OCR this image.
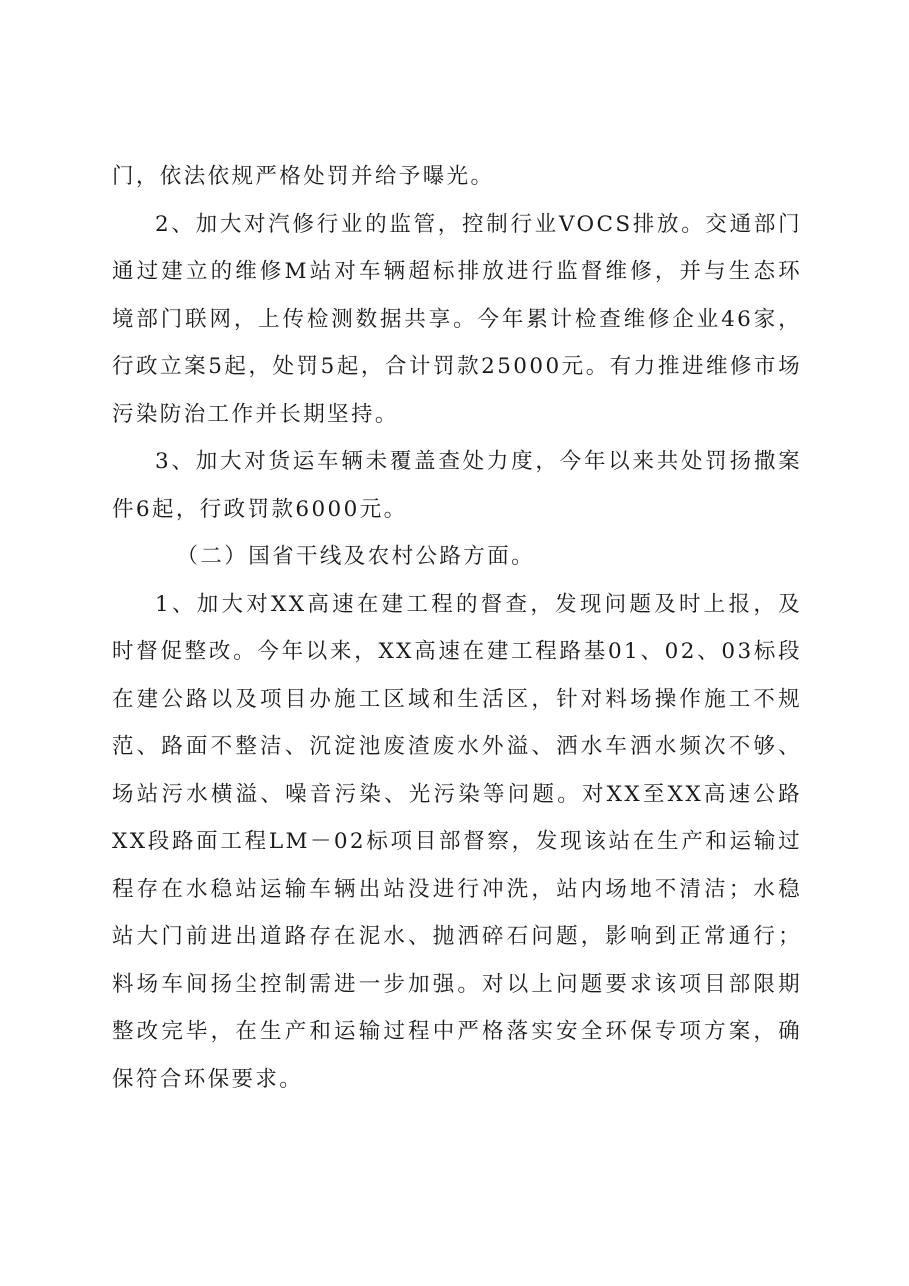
门，依法依规严格处罚并给予曝光。

2、加大对汽修行业的监管，控制行业VOCS排放。交通部门通过建立的维修M站对车辆超标排放进行监督维修，并与生态环境部门联网，上传检测数据共享。今年累计检查维修企业46家，行政立案5起，处罚5起，合计罚款25000元。有力推进维修市场污染防治工作并长期坚持。

3、加大对货运车辆未覆盖查处力度，今年以来共处罚扬撒案件6起，行政罚款6000元。

（二）国省干线及农村公路方面。

1、加大对XX高速在建工程的督查，发现问题及时上报，及时督促整改。今年以来，XX高速在建工程路基01、02、03标段在建公路以及项目办施工区域和生活区，针对料场操作施工不规范、路面不整洁、沉淀池废渣废水外溢、洒水车洒水频次不够、场站污水横溢、噪音污染、光污染等问题。对XX至XX高速公路XX段路面工程LM－02标项目部督察，发现该站在生产和运输过程存在水稳站运输车辆出站没进行冲洗，站内场地不清洁；水稳站大门前进出道路存在泥水、抛洒碎石问题，影响到正常通行；料场车间扬尘控制需进一步加强。对以上问题要求该项目部限期整改完毕，在生产和运输过程中严格落实安全环保专项方案，确保符合环保要求。
